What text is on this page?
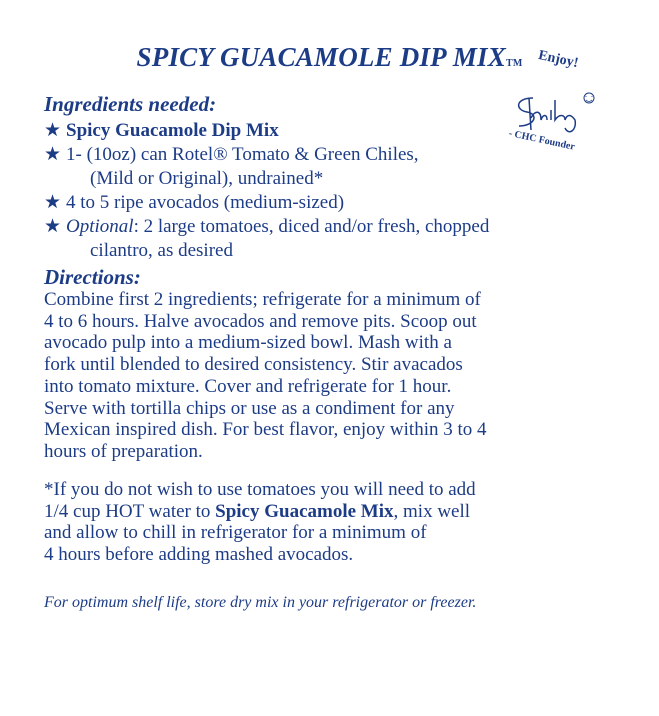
SPICY GUACAMOLE DIP MIXTM	Enjoy!
- CHC Founder
Ingredients needed:
★ Spicy Guacamole Dip Mix
★ 1- (10oz) can Rotel® Tomato & Green Chiles,
(Mild or Original), undrained*
★ 4 to 5 ripe avocados (medium-sized)
★ Optional: 2 large tomatoes, diced and/or fresh, chopped
cilantro, as desired
Directions:
Combine first 2 ingredients; refrigerate for a minimum of
4 to 6 hours. Halve avocados and remove pits. Scoop out
avocado pulp into a medium-sized bowl. Mash with a
fork until blended to desired consistency. Stir avacados
into tomato mixture. Cover and refrigerate for 1 hour.
Serve with tortilla chips or use as a condiment for any
Mexican inspired dish. For best flavor, enjoy within 3 to 4
hours of preparation.
*If you do not wish to use tomatoes you will need to add
1/4 cup HOT water to Spicy Guacamole Mix, mix well
and allow to chill in refrigerator for a minimum of
4 hours before adding mashed avocados.
For optimum shelf life, store dry mix in your refrigerator or freezer.
